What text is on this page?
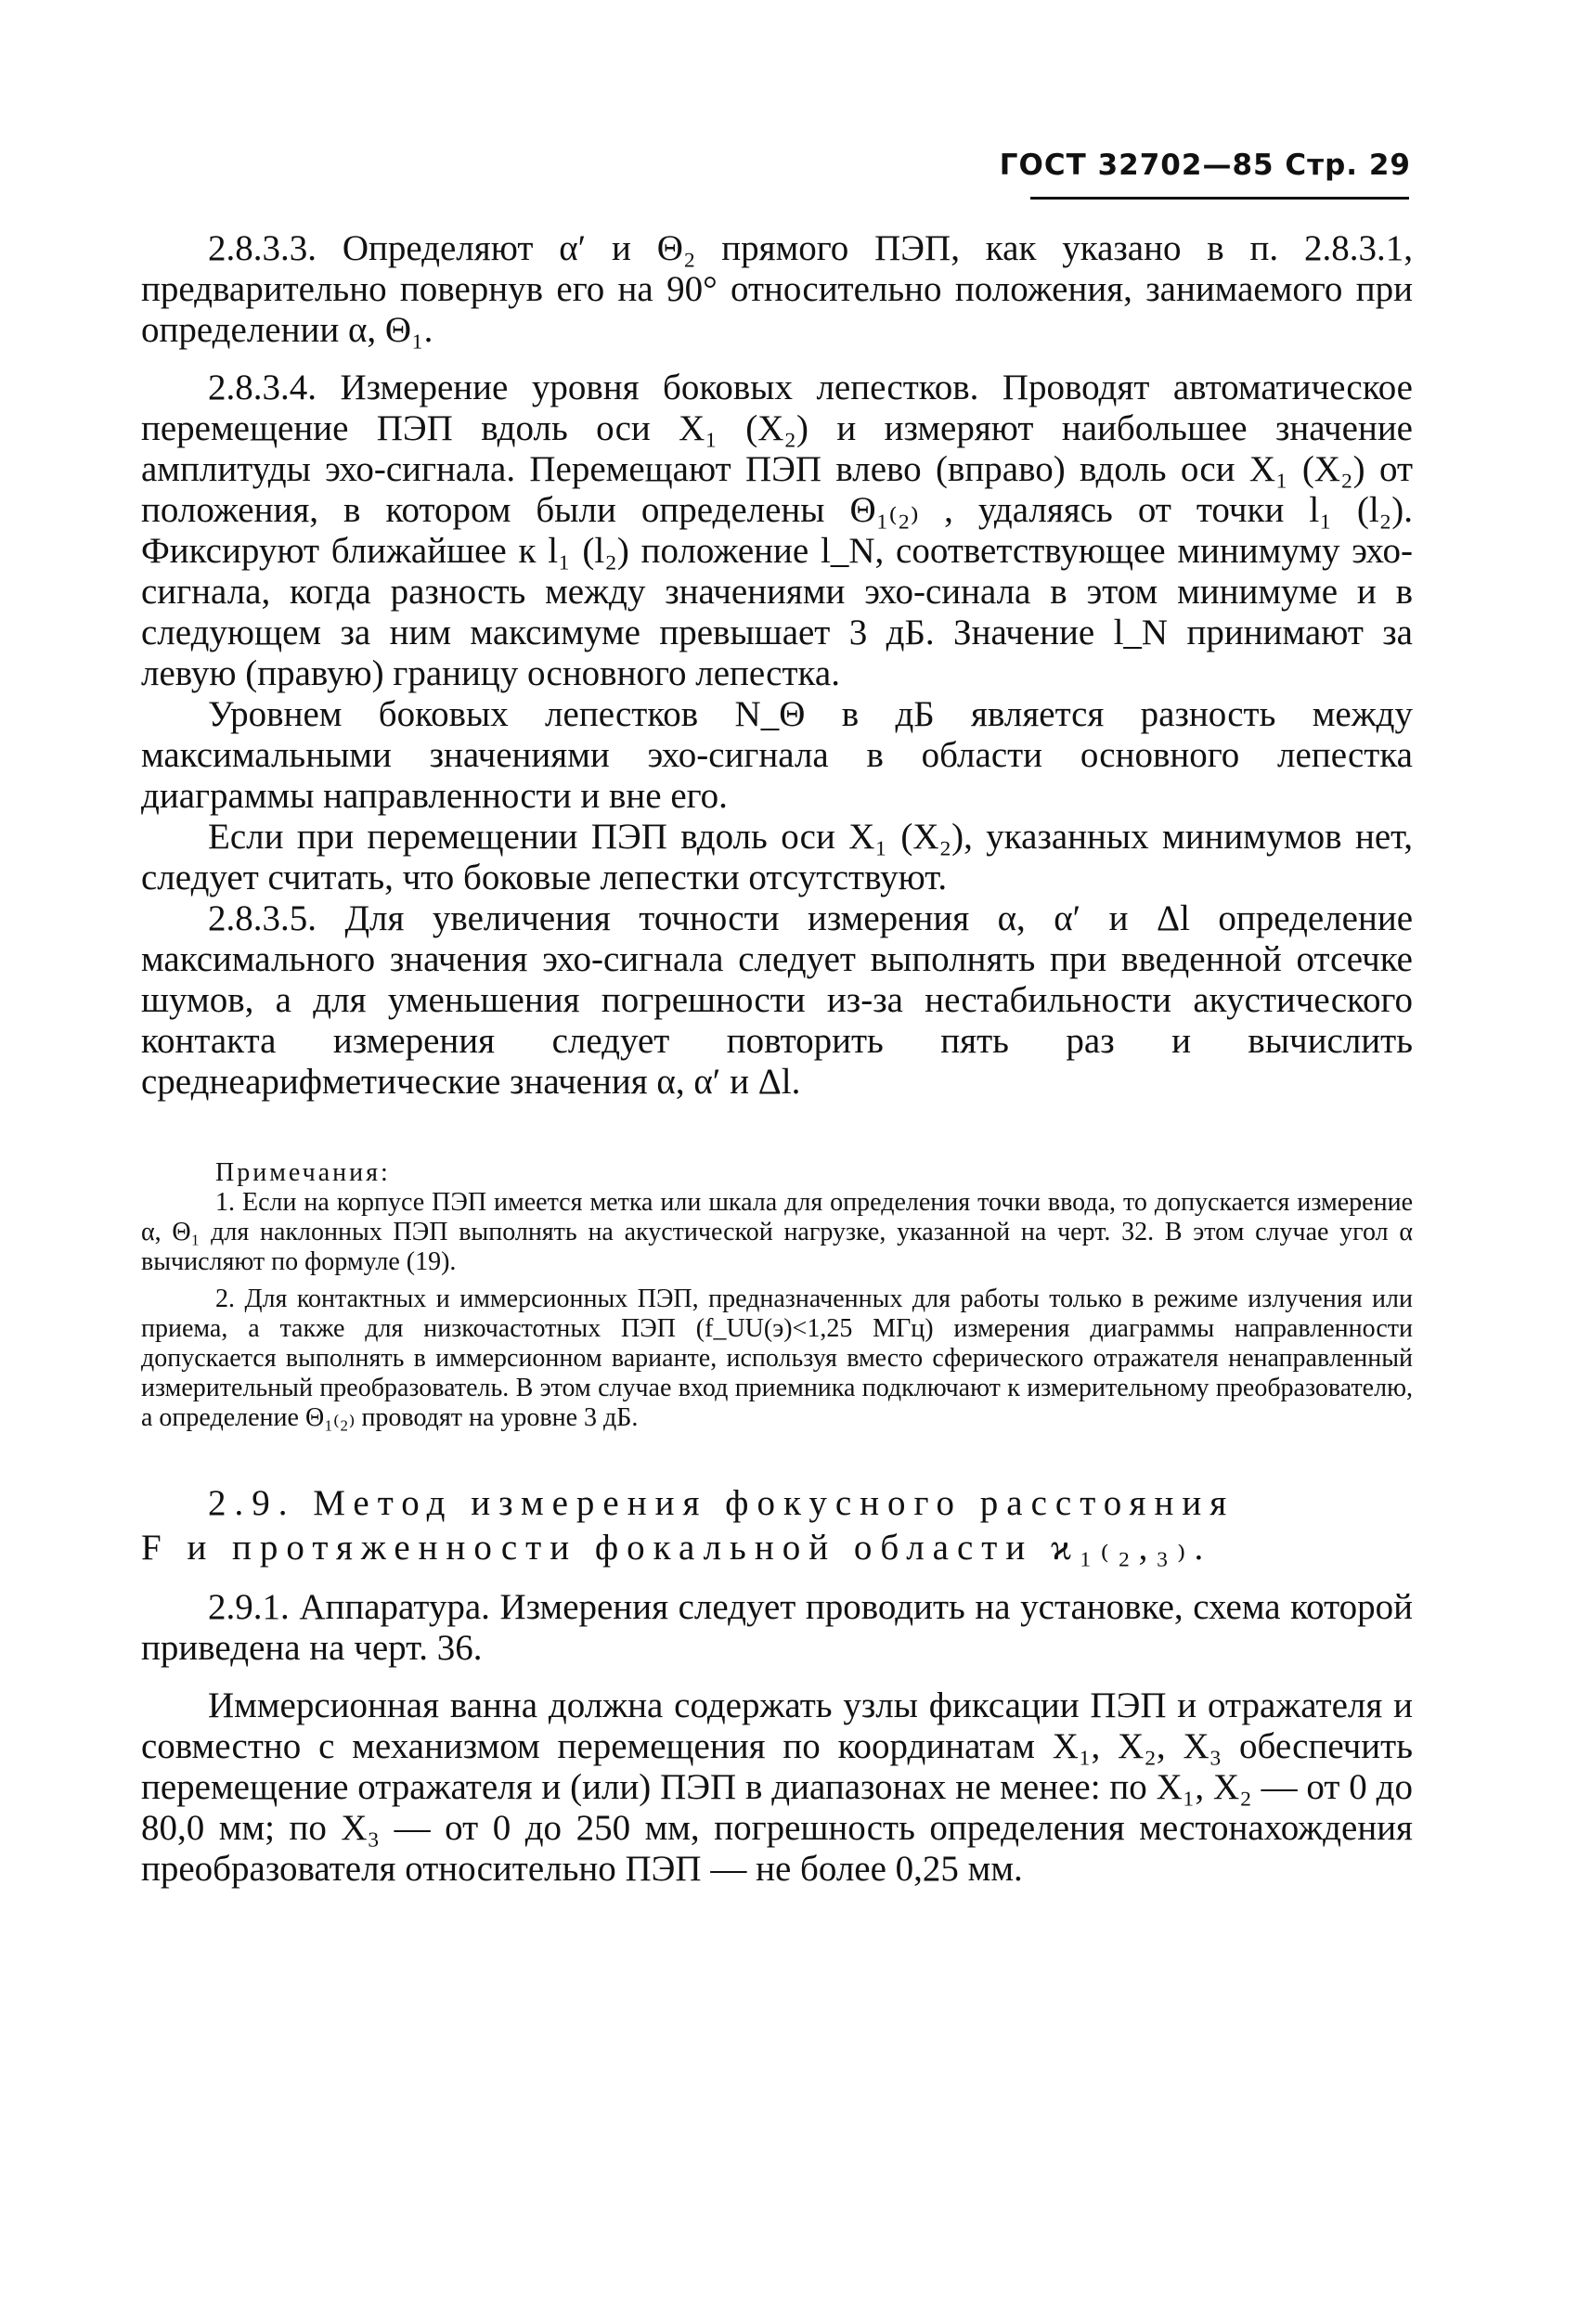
ГОСТ 32702—85 Стр. 29

2.8.3.3. Определяют α′ и Θ₂ прямого ПЭП, как указано в п. 2.8.3.1, предварительно повернув его на 90° относительно положения, занимаемого при определении α, Θ₁.

2.8.3.4. Измерение уровня боковых лепестков. Проводят автоматическое перемещение ПЭП вдоль оси X₁ (X₂) и измеряют наибольшее значение амплитуды эхо-сигнала. Перемещают ПЭП влево (вправо) вдоль оси X₁ (X₂) от положения, в котором были определены Θ₁₍₂₎ , удаляясь от точки l₁ (l₂). Фиксируют ближайшее к l₁ (l₂) положение l_N, соответствующее минимуму эхо-сигнала, когда разность между значениями эхо-синала в этом минимуме и в следующем за ним максимуме превышает 3 дБ. Значение l_N принимают за левую (правую) границу основного лепестка.

Уровнем боковых лепестков N_Θ в дБ является разность между максимальными значениями эхо-сигнала в области основного лепестка диаграммы направленности и вне его.

Если при перемещении ПЭП вдоль оси X₁ (X₂), указанных минимумов нет, следует считать, что боковые лепестки отсутствуют.

2.8.3.5. Для увеличения точности измерения α, α′ и Δl определение максимального значения эхо-сигнала следует выполнять при введенной отсечке шумов, а для уменьшения погрешности из-за нестабильности акустического контакта измерения следует повторить пять раз и вычислить среднеарифметические значения α, α′ и Δl.

Примечания:

1. Если на корпусе ПЭП имеется метка или шкала для определения точки ввода, то допускается измерение α, Θ₁ для наклонных ПЭП выполнять на акустической нагрузке, указанной на черт. 32. В этом случае угол α вычисляют по формуле (19).

2. Для контактных и иммерсионных ПЭП, предназначенных для работы только в режиме излучения или приема, а также для низкочастотных ПЭП (f_UU(э)<1,25 МГц) измерения диаграммы направленности допускается выполнять в иммерсионном варианте, используя вместо сферического отражателя ненаправленный измерительный преобразователь. В этом случае вход приемника подключают к измерительному преобразователю, а определение Θ₁₍₂₎ проводят на уровне 3 дБ.

2.9. Метод измерения фокусного расстояния
F и протяженности фокальной области ϰ₁₍₂,₃₎.

2.9.1. Аппаратура. Измерения следует проводить на установке, схема которой приведена на черт. 36.

Иммерсионная ванна должна содержать узлы фиксации ПЭП и отражателя и совместно с механизмом перемещения по координатам X₁, X₂, X₃ обеспечить перемещение отражателя и (или) ПЭП в диапазонах не менее: по X₁, X₂ — от 0 до 80,0 мм; по X₃ — от 0 до 250 мм, погрешность определения местонахождения преобразователя относительно ПЭП — не более 0,25 мм.
